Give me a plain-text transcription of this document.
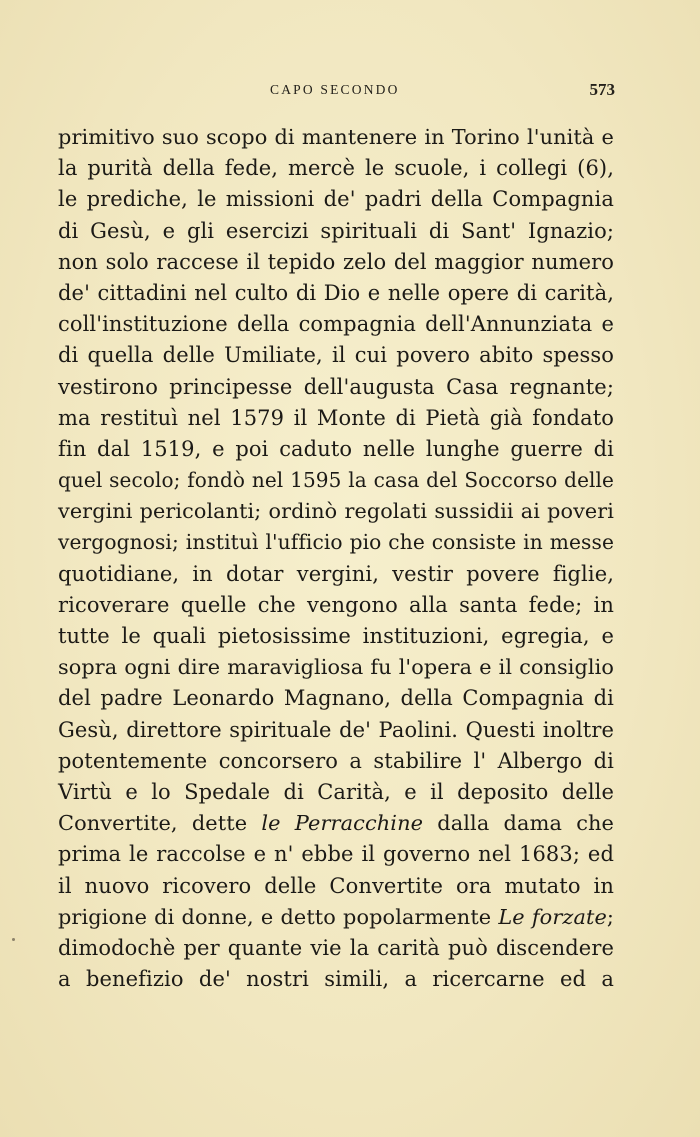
CAPO SECONDO	573
primitivo suo scopo di mantenere in Torino l'unità e
la purità della fede, mercè le scuole, i collegi (6),
le prediche, le missioni de' padri della Compagnia
di Gesù, e gli esercizi spirituali di Sant' Ignazio;
non solo raccese il tepido zelo del maggior numero
de' cittadini nel culto di Dio e nelle opere di carità,
coll'instituzione della compagnia dell'Annunziata e
di quella delle Umiliate, il cui povero abito spesso
vestirono principesse dell'augusta Casa regnante;
ma restituì nel 1579 il Monte di Pietà già fondato
fin dal 1519, e poi caduto nelle lunghe guerre di
quel secolo; fondò nel 1595 la casa del Soccorso delle
vergini pericolanti; ordinò regolati sussidii ai poveri
vergognosi; instituì l'ufficio pio che consiste in messe
quotidiane, in dotar vergini, vestir povere figlie,
ricoverare quelle che vengono alla santa fede; in
tutte le quali pietosissime instituzioni, egregia, e
sopra ogni dire maravigliosa fu l'opera e il consiglio
del padre Leonardo Magnano, della Compagnia di
Gesù, direttore spirituale de' Paolini. Questi inoltre
potentemente concorsero a stabilire l' Albergo di
Virtù e lo Spedale di Carità, e il deposito delle
Convertite, dette le Perracchine dalla dama che
prima le raccolse e n' ebbe il governo nel 1683; ed
il nuovo ricovero delle Convertite ora mutato in
prigione di donne, e detto popolarmente Le forzate;
dimodochè per quante vie la carità può discendere
a benefizio de' nostri simili, a ricercarne ed a
